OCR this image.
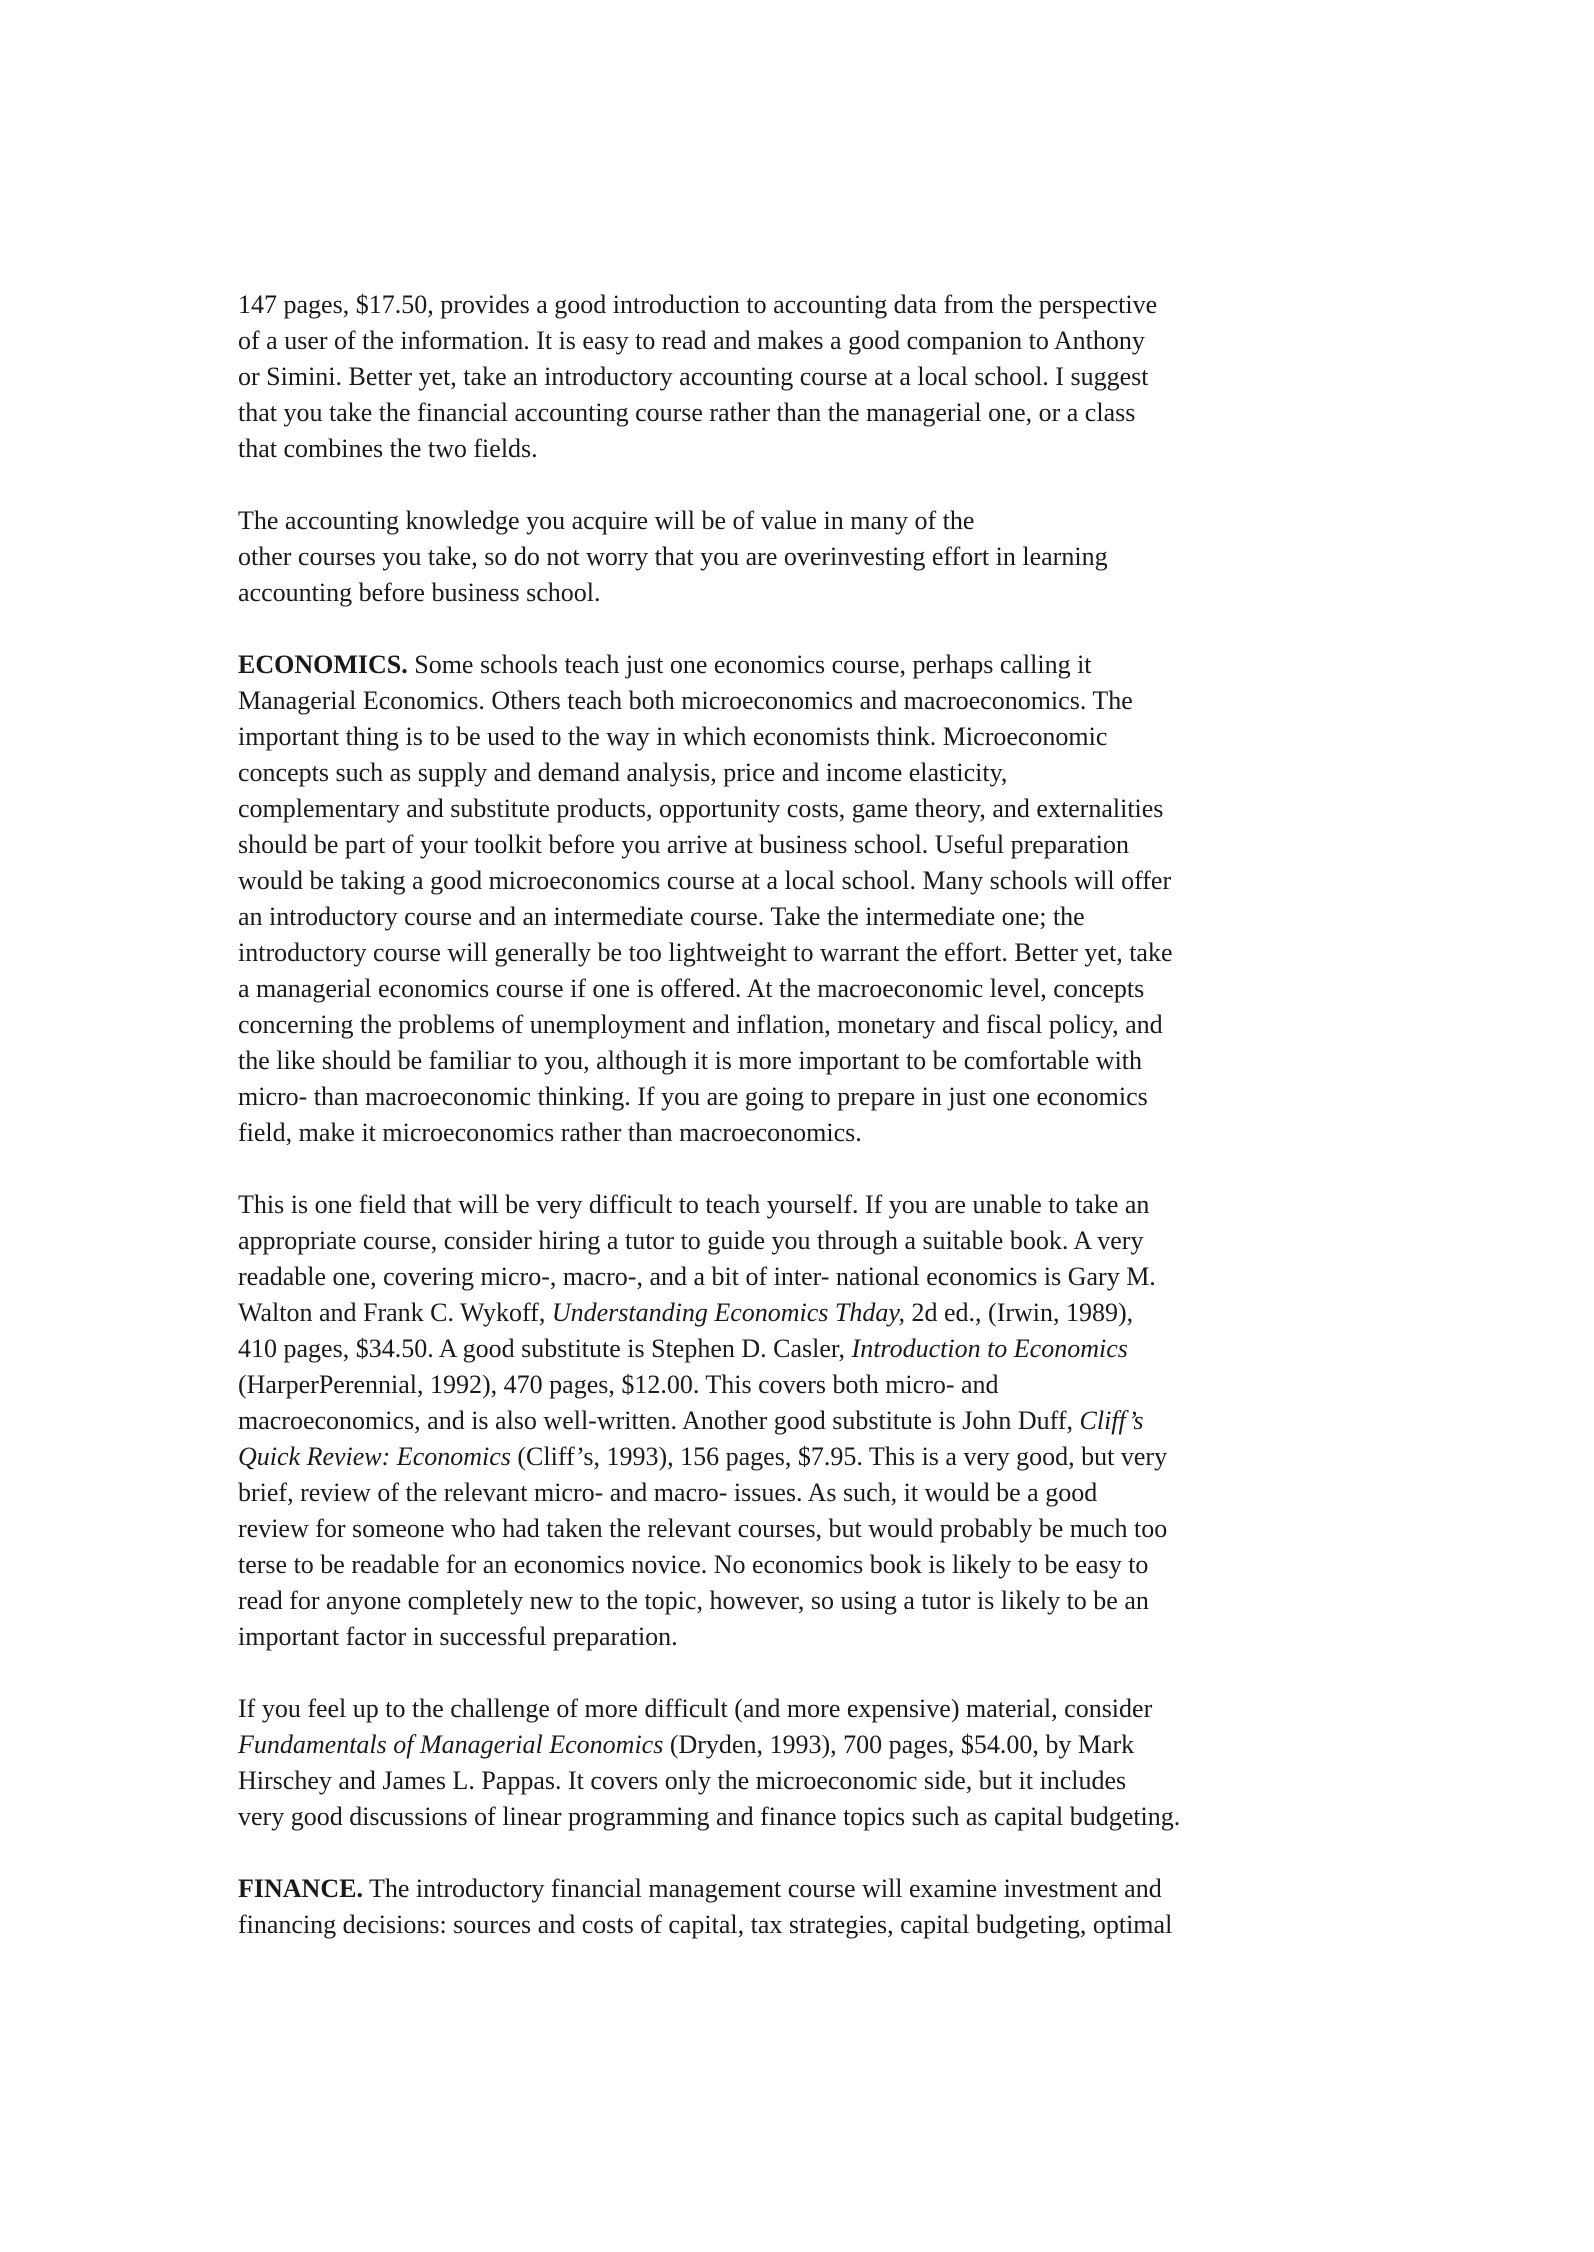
147 pages, $17.50, provides a good introduction to accounting data from the perspective
of a user of the information. It is easy to read and makes a good companion to Anthony
or Simini. Better yet, take an introductory accounting course at a local school. I suggest
that you take the financial accounting course rather than the managerial one, or a class
that combines the two fields.

The accounting knowledge you acquire will be of value in many of the
other courses you take, so do not worry that you are overinvesting effort in learning
accounting before business school.

ECONOMICS. Some schools teach just one economics course, perhaps calling it
Managerial Economics. Others teach both microeconomics and macroeconomics. The
important thing is to be used to the way in which economists think. Microeconomic
concepts such as supply and demand analysis, price and income elasticity,
complementary and substitute products, opportunity costs, game theory, and externalities
should be part of your toolkit before you arrive at business school. Useful preparation
would be taking a good microeconomics course at a local school. Many schools will offer
an introductory course and an intermediate course. Take the intermediate one; the
introductory course will generally be too lightweight to warrant the effort. Better yet, take
a managerial economics course if one is offered. At the macroeconomic level, concepts
concerning the problems of unemployment and inflation, monetary and fiscal policy, and
the like should be familiar to you, although it is more important to be comfortable with
micro- than macroeconomic thinking. If you are going to prepare in just one economics
field, make it microeconomics rather than macroeconomics.

This is one field that will be very difficult to teach yourself. If you are unable to take an
appropriate course, consider hiring a tutor to guide you through a suitable book. A very
readable one, covering micro-, macro-, and a bit of inter- national economics is Gary M.
Walton and Frank C. Wykoff, Understanding Economics Thday, 2d ed., (Irwin, 1989),
410 pages, $34.50. A good substitute is Stephen D. Casler, Introduction to Economics
(HarperPerennial, 1992), 470 pages, $12.00. This covers both micro- and
macroeconomics, and is also well-written. Another good substitute is John Duff, Cliff’s
Quick Review: Economics (Cliff’s, 1993), 156 pages, $7.95. This is a very good, but very
brief, review of the relevant micro- and macro- issues. As such, it would be a good
review for someone who had taken the relevant courses, but would probably be much too
terse to be readable for an economics novice. No economics book is likely to be easy to
read for anyone completely new to the topic, however, so using a tutor is likely to be an
important factor in successful preparation.

If you feel up to the challenge of more difficult (and more expensive) material, consider
Fundamentals of Managerial Economics (Dryden, 1993), 700 pages, $54.00, by Mark
Hirschey and James L. Pappas. It covers only the microeconomic side, but it includes
very good discussions of linear programming and finance topics such as capital budgeting.

FINANCE. The introductory financial management course will examine investment and
financing decisions: sources and costs of capital, tax strategies, capital budgeting, optimal
